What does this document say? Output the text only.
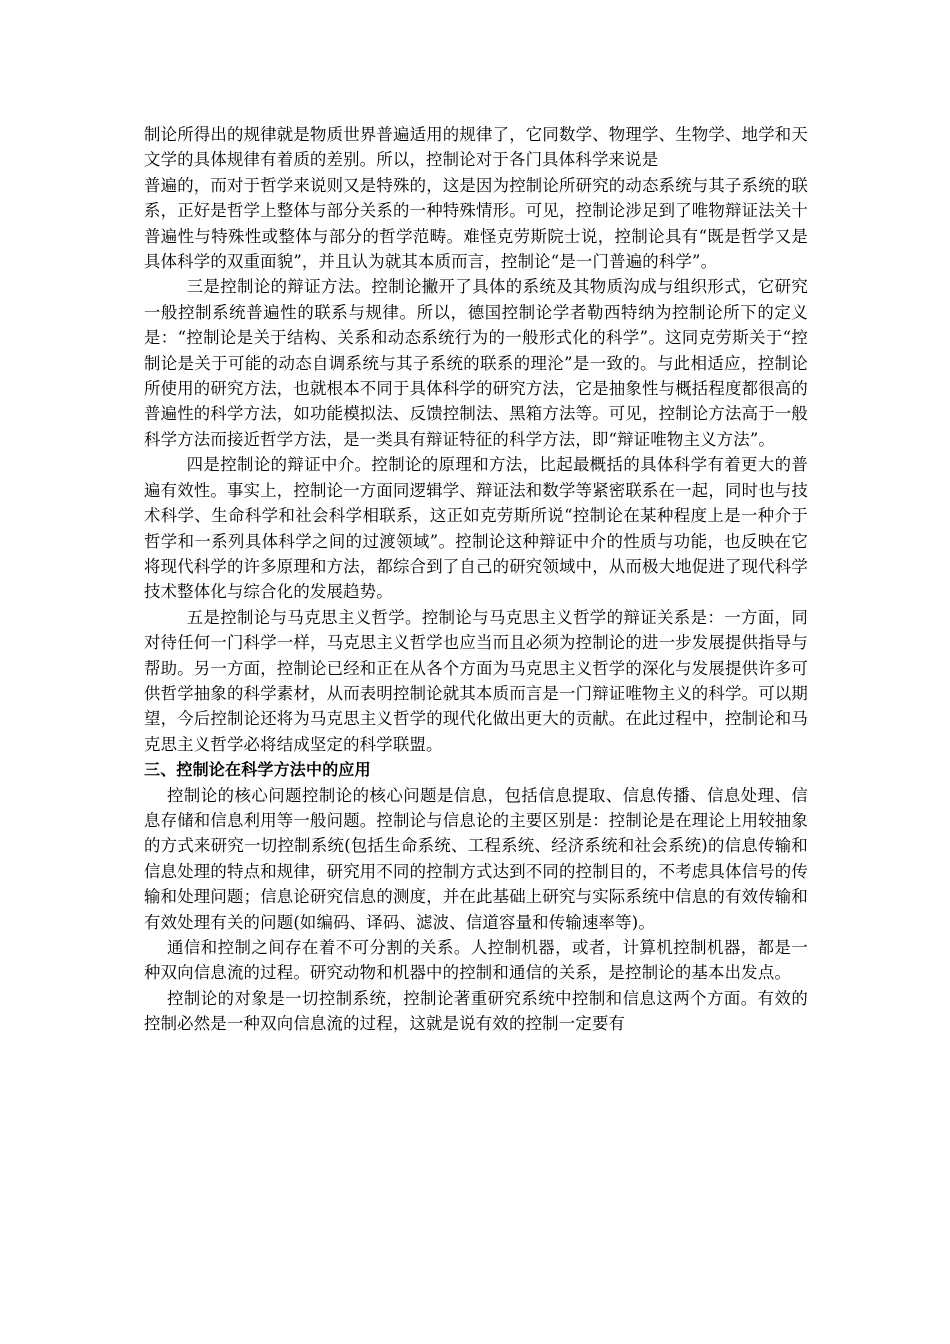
制论所得出的规律就是物质世界普遍适用的规律了，它同数学、物理学、生物学、地学和天文学的具体规律有着质的差别。所以，控制论对于各门具体科学来说是

普遍的，而对于哲学来说则又是特殊的，这是因为控制论所研究的动态系统与其子系统的联系，正好是哲学上整体与部分关系的一种特殊情形。可见，控制论涉足到了唯物辩证法关十普遍性与特殊性或整体与部分的哲学范畴。难怪克劳斯院士说，控制论具有“既是哲学又是具体科学的双重面貌”，并且认为就其本质而言，控制论“是一门普遍的科学”。

三是控制论的辩证方法。控制论撇开了具体的系统及其物质沟成与组织形式，它研究一般控制系统普遍性的联系与规律。所以，德国控制论学者勒西特纳为控制论所下的定义是：“控制论是关于结构、关系和动态系统行为的一般形式化的科学”。这同克劳斯关于“控制论是关于可能的动态自调系统与其子系统的联系的理沦”是一致的。与此相适应，控制论所使用的研究方法，也就根本不同于具体科学的研究方法，它是抽象性与概括程度都很高的普遍性的科学方法，如功能模拟法、反馈控制法、黑箱方法等。可见，控制论方法高于一般科学方法而接近哲学方法，是一类具有辩证特征的科学方法，即“辩证唯物主义方法”。

四是控制论的辩证中介。控制论的原理和方法，比起最概括的具体科学有着更大的普遍有效性。事实上，控制论一方面同逻辑学、辩证法和数学等紧密联系在一起，同时也与技术科学、生命科学和社会科学相联系，这正如克劳斯所说“控制论在某种程度上是一种介于哲学和一系列具体科学之间的过渡领域”。控制论这种辩证中介的性质与功能，也反映在它将现代科学的许多原理和方法，都综合到了自己的研究领域中，从而极大地促进了现代科学技术整体化与综合化的发展趋势。

五是控制论与马克思主义哲学。控制论与马克思主义哲学的辩证关系是：一方面，同对待任何一门科学一样，马克思主义哲学也应当而且必须为控制论的进一步发展提供指导与帮助。另一方面，控制论已经和正在从各个方面为马克思主义哲学的深化与发展提供许多可供哲学抽象的科学素材，从而表明控制论就其本质而言是一门辩证唯物主义的科学。可以期望，今后控制论还将为马克思主义哲学的现代化做出更大的贡献。在此过程中，控制论和马克思主义哲学必将结成坚定的科学联盟。

三、控制论在科学方法中的应用

控制论的核心问题控制论的核心问题是信息，包括信息提取、信息传播、信息处理、信息存储和信息利用等一般问题。控制论与信息论的主要区别是：控制论是在理论上用较抽象的方式来研究一切控制系统(包括生命系统、工程系统、经济系统和社会系统)的信息传输和信息处理的特点和规律，研究用不同的控制方式达到不同的控制目的，不考虑具体信号的传输和处理问题；信息论研究信息的测度，并在此基础上研究与实际系统中信息的有效传输和有效处理有关的问题(如编码、译码、滤波、信道容量和传输速率等)。

通信和控制之间存在着不可分割的关系。人控制机器，或者，计算机控制机器，都是一种双向信息流的过程。研究动物和机器中的控制和通信的关系，是控制论的基本出发点。

控制论的对象是一切控制系统，控制论著重研究系统中控制和信息这两个方面。有效的控制必然是一种双向信息流的过程，这就是说有效的控制一定要有
